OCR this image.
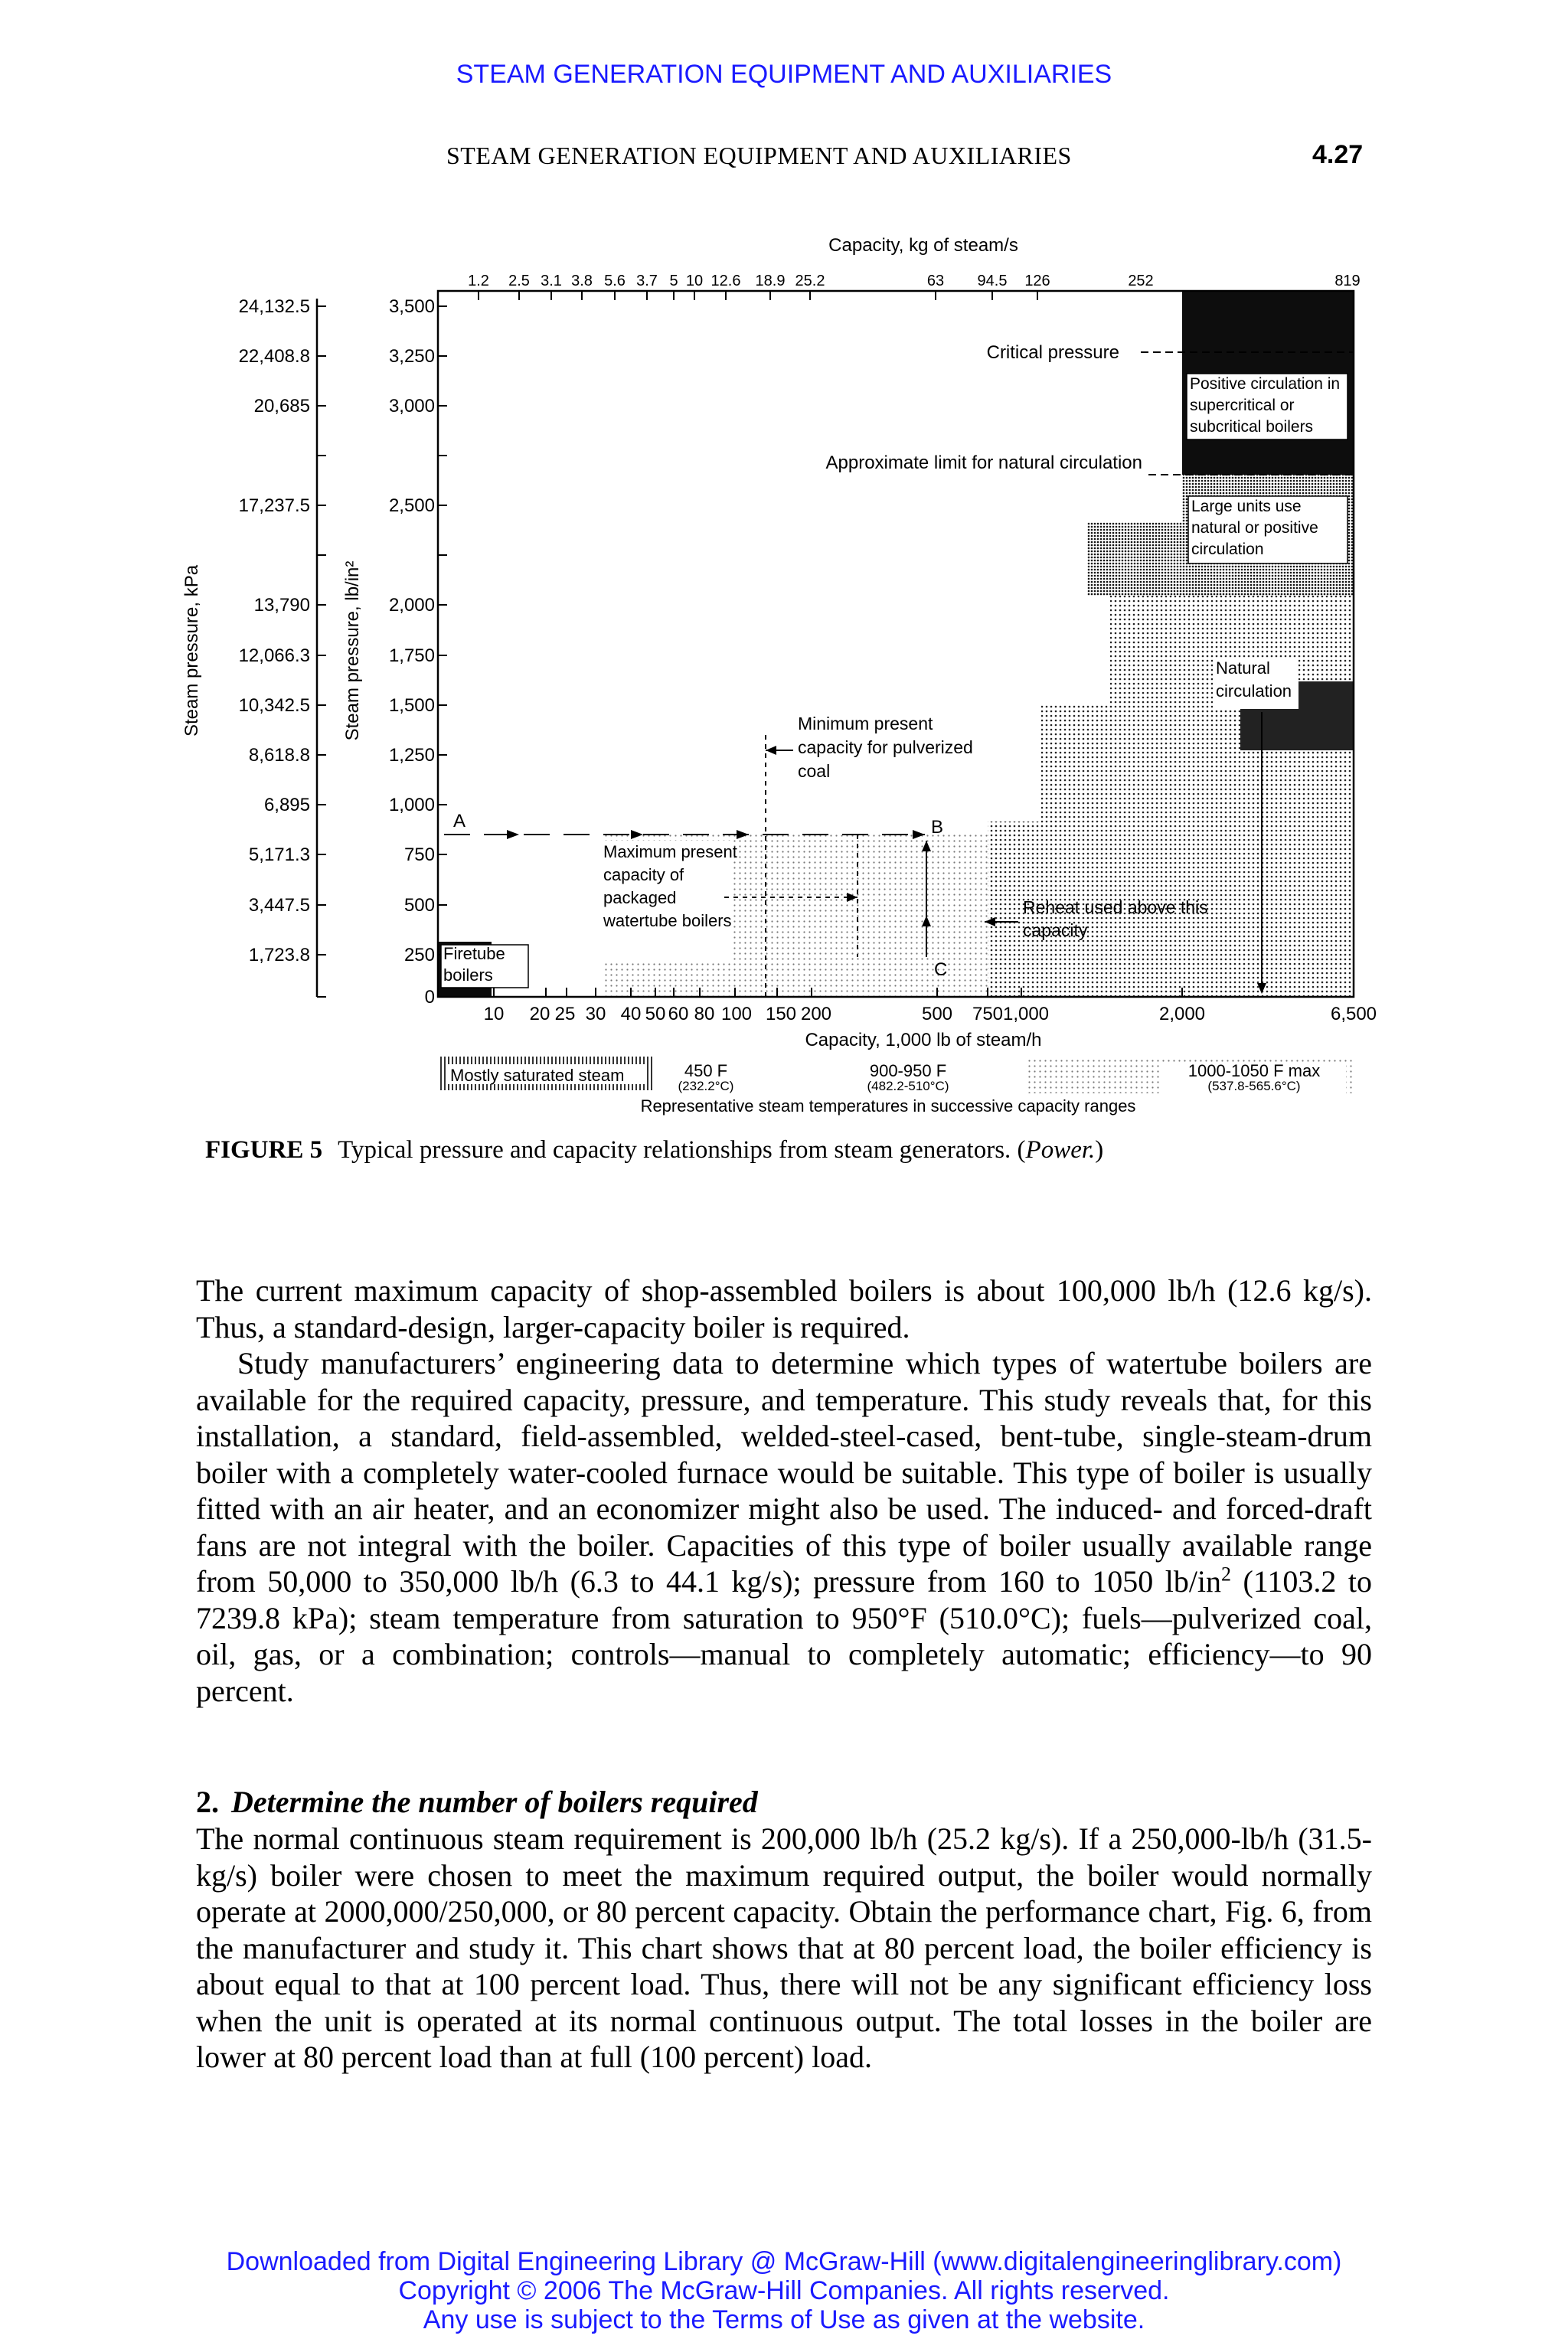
STEAM GENERATION EQUIPMENT AND AUXILIARIES
STEAM GENERATION EQUIPMENT AND AUXILIARIES	4.27
Capacity, kg of steam/s
1.2 2.5 3.1 3.8 5.6 3.7 5 10 12.6 18.9 25.2	63 94.5 126	252	819
24,132.5
22,408.8
20,685
17,237.5
13,790
12,066.3
10,342.5
8,618.8
6,895
5,171.3
3,447.5
1,723.8
Steam pressure, kPa
3,500
3,250
3,000
2,500
2,000
1,750
1,500
1,250
1,000
750
500
250
0
Steam pressure, lb/in²
10 20 25 30 40 50 60 80 100 150 200	500 750 1,000	2,000	6,500
Capacity, 1,000 lb of steam/h
Critical pressure
Approximate limit for natural circulation
Positive circulation in supercritical or subcritical boilers
Large units use natural or positive circulation
Natural circulation
Minimum present capacity for pulverized coal
A	B
Maximum present capacity of packaged watertube boilers
C
Reheat used above this capacity
Firetube boilers
Mostly saturated steam	450 F
(232.2°C)
900-950 F
(482.2-510°C)
1000-1050 F max
(537.8-565.6°C)
Representative steam temperatures in successive capacity ranges
FIGURE 5 Typical pressure and capacity relationships from steam generators. (Power.)

The current maximum capacity of shop-assembled boilers is about 100,000 lb/h (12.6 kg/s). Thus, a standard-design, larger-capacity boiler is required.

Study manufacturers’ engineering data to determine which types of watertube boilers are available for the required capacity, pressure, and temperature. This study reveals that, for this installation, a standard, field-assembled, welded-steel-cased, bent-tube, single-steam-drum boiler with a completely water-cooled furnace would be suitable. This type of boiler is usually fitted with an air heater, and an economizer might also be used. The induced- and forced-draft fans are not integral with the boiler. Capacities of this type of boiler usually available range from 50,000 to 350,000 lb/h (6.3 to 44.1 kg/s); pressure from 160 to 1050 $lb/in^2$ (1103.2 to 7239.8 kPa); steam temperature from saturation to 950°F (510.0°C); fuels—pulverized coal, oil, gas, or a combination; controls—manual to completely automatic; efficiency—to 90 percent.

2. Determine the number of boilers required

The normal continuous steam requirement is 200,000 lb/h (25.2 kg/s). If a 250,000-lb/h (31.5-kg/s) boiler were chosen to meet the maximum required output, the boiler would normally operate at 2000,000/250,000, or 80 percent capacity. Obtain the performance chart, Fig. 6, from the manufacturer and study it. This chart shows that at 80 percent load, the boiler efficiency is about equal to that at 100 percent load. Thus, there will not be any significant efficiency loss when the unit is operated at its normal continuous output. The total losses in the boiler are lower at 80 percent load than at full (100 percent) load.

Downloaded from Digital Engineering Library @ McGraw-Hill (www.digitalengineeringlibrary.com)
Copyright © 2006 The McGraw-Hill Companies. All rights reserved.
Any use is subject to the Terms of Use as given at the website.
